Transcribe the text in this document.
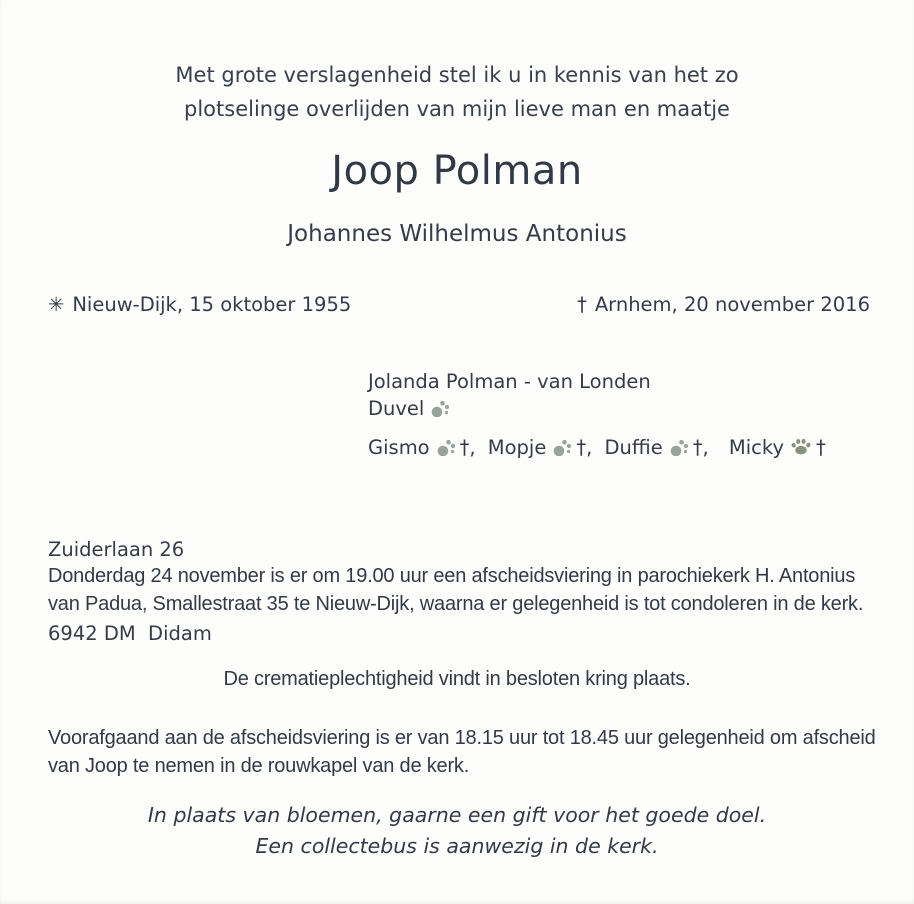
Met grote verslagenheid stel ik u in kennis van het zo
plotselinge overlijden van mijn lieve man en maatje
Joop Polman
Johannes Wilhelmus Antonius
✳ Nieuw-Dijk, 15 oktober 1955	† Arnhem, 20 november 2016
Jolanda Polman - van Londen
Duvel
Gismo †, Mopje †, Duffie †, Micky †

Zuiderlaan 26

6942 DM  Didam

Donderdag 24 november is er om 19.00 uur een afscheidsviering in parochiekerk H. Antonius van Padua, Smallestraat 35 te Nieuw-Dijk, waarna er gelegenheid is tot condoleren in de kerk.
De crematieplechtigheid vindt in besloten kring plaats.
Voorafgaand aan de afscheidsviering is er van 18.15 uur tot 18.45 uur gelegenheid om afscheid van Joop te nemen in de rouwkapel van de kerk.
In plaats van bloemen, gaarne een gift voor het goede doel.
Een collectebus is aanwezig in de kerk.
